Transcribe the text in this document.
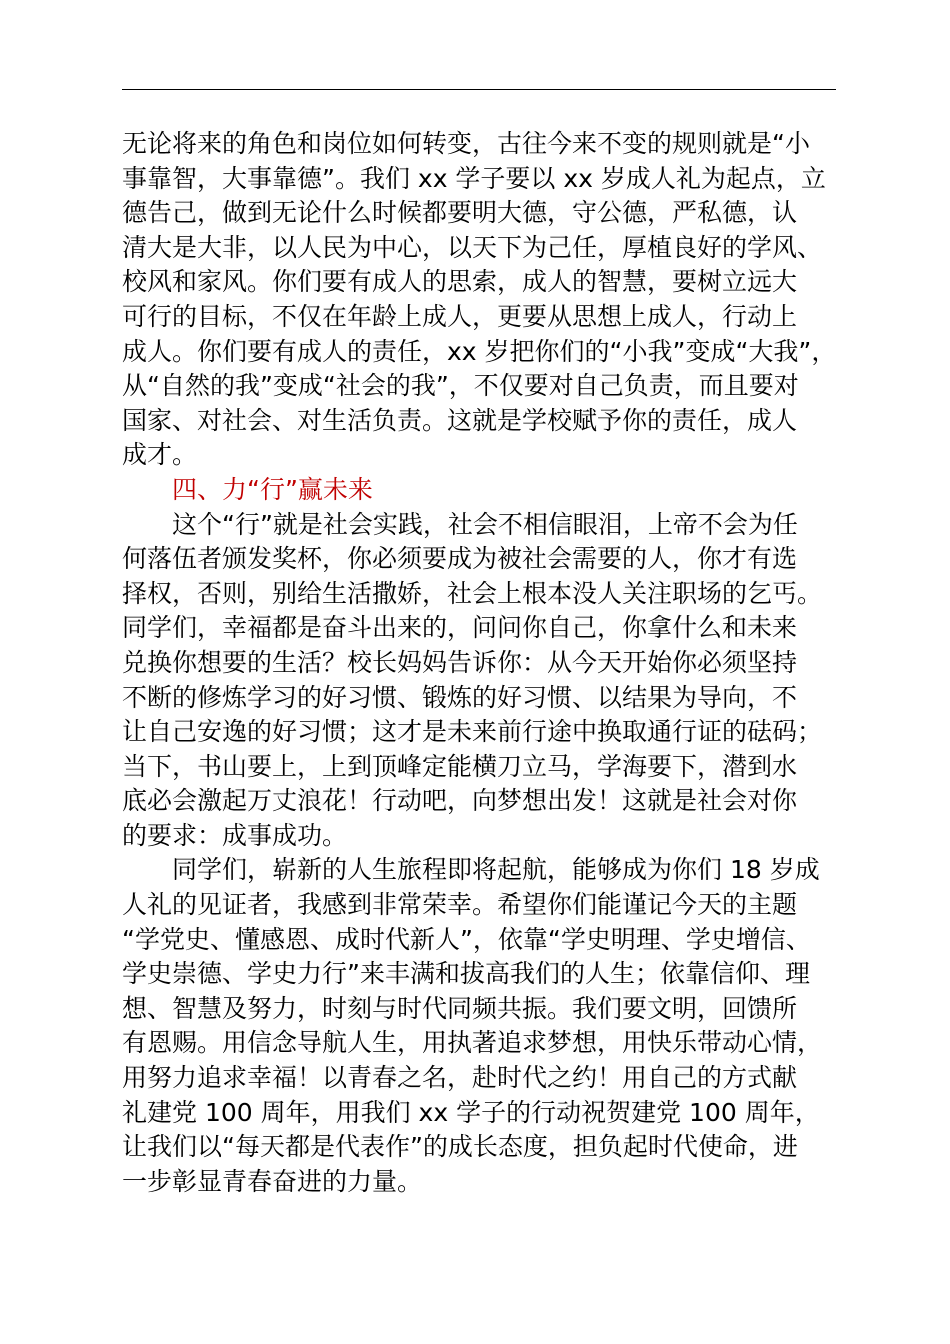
无论将来的角色和岗位如何转变，古往今来不变的规则就是“小
事靠智，大事靠德”。我们 xx 学子要以 xx 岁成人礼为起点，立
德告己，做到无论什么时候都要明大德，守公德，严私德，认
清大是大非，以人民为中心，以天下为己任，厚植良好的学风、
校风和家风。你们要有成人的思索，成人的智慧，要树立远大
可行的目标，不仅在年龄上成人，更要从思想上成人，行动上
成人。你们要有成人的责任，xx 岁把你们的“小我”变成“大我”，
从“自然的我”变成“社会的我”，不仅要对自己负责，而且要对
国家、对社会、对生活负责。这就是学校赋予你的责任，成人
成才。

四、力“行”赢未来

这个“行”就是社会实践，社会不相信眼泪，上帝不会为任
何落伍者颁发奖杯，你必须要成为被社会需要的人，你才有选
择权，否则，别给生活撒娇，社会上根本没人关注职场的乞丐。
同学们，幸福都是奋斗出来的，问问你自己，你拿什么和未来
兑换你想要的生活？校长妈妈告诉你：从今天开始你必须坚持
不断的修炼学习的好习惯、锻炼的好习惯、以结果为导向，不
让自己安逸的好习惯；这才是未来前行途中换取通行证的砝码；
当下，书山要上，上到顶峰定能横刀立马，学海要下，潜到水
底必会激起万丈浪花！行动吧，向梦想出发！这就是社会对你
的要求：成事成功。

同学们，崭新的人生旅程即将起航，能够成为你们 18 岁成
人礼的见证者，我感到非常荣幸。希望你们能谨记今天的主题
“学党史、懂感恩、成时代新人”，依靠“学史明理、学史增信、
学史崇德、学史力行”来丰满和拔高我们的人生；依靠信仰、理
想、智慧及努力，时刻与时代同频共振。我们要文明，回馈所
有恩赐。用信念导航人生，用执著追求梦想，用快乐带动心情，
用努力追求幸福！以青春之名，赴时代之约！用自己的方式献
礼建党 100 周年，用我们 xx 学子的行动祝贺建党 100 周年，
让我们以“每天都是代表作”的成长态度，担负起时代使命，进
一步彰显青春奋进的力量。
